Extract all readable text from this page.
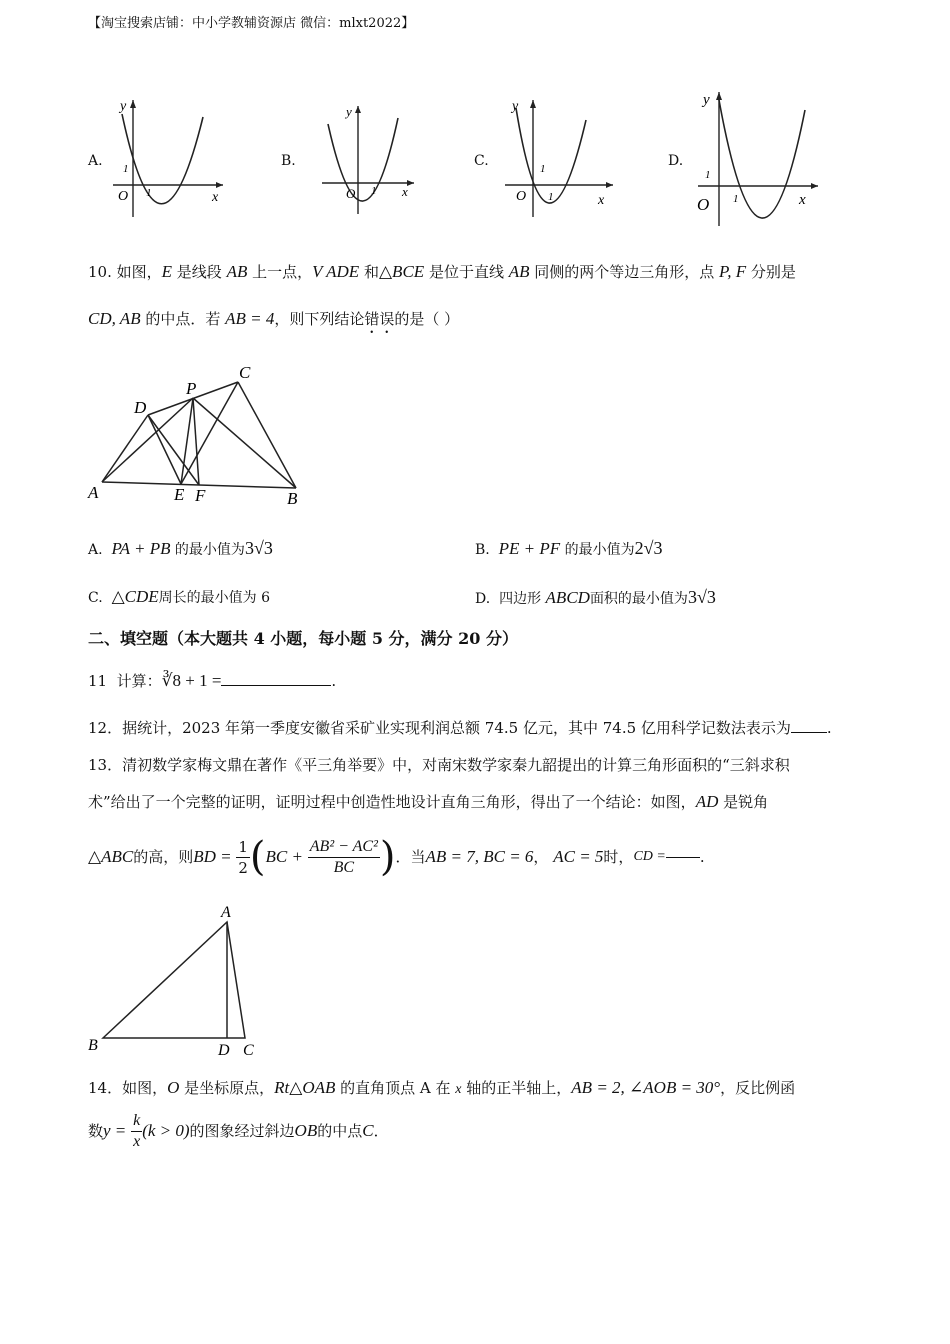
【淘宝搜索店铺：中小学教辅资源店 微信：mlxt2022】
A.
y
x
O
1
1
B.
y
x
O 1
C.
y
x
O
1
1
D.
y
x
O
1
1
10. 如图，E 是线段 AB 上一点，V ADE 和△BCE 是位于直线 AB 同侧的两个等边三角形，点 P, F 分别是
CD, AB 的中点．若 AB = 4，则下列结论错误的是（ ）
A	B
C
D
E F
P
A. PA + PB 的最小值为3√3	B. PE + PF 的最小值为2√3
C. △CDE周长的最小值为 6	D. 四边形 ABCD面积的最小值为3√3
二、填空题（本大题共 4 小题，每小题 5 分，满分 20 分）
11 计算：∛8 + 1 =	.
12．据统计，2023 年第一季度安徽省采矿业实现利润总额 74.5 亿元，其中 74.5 亿用科学记数法表示为 .
13．清初数学家梅文鼎在著作《平三角举要》中，对南宋数学家秦九韶提出的计算三角形面积的“三斜求积
术”给出了一个完整的证明，证明过程中创造性地设计直角三角形，得出了一个结论：如图，AD 是锐角
△ABC 的高，则 BD =
$\frac{1}{2}$ ( BC +
$\frac{\text{AB² − AC²}}{BC}$ ) ．当 AB = 7, BC = 6 ，
AC = 5 时， CD = .
A
B	C
D
14．如图，O 是坐标原点，Rt△OAB 的直角顶点 A 在 x 轴的正半轴上，AB = 2, ∠AOB = 30°，反比例函
数 y =
$\frac{k}{x} (k > 0)$ 的图象经过斜边 OB 的中点 C ．
